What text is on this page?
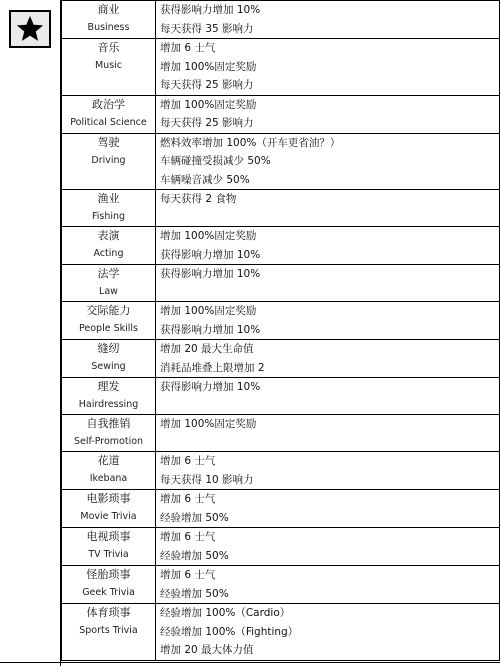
商业
Business	获得影响力增加 10%
每天获得 35 影响力

音乐
Music	增加 6 士气
增加 100%固定奖励
每天获得 25 影响力

政治学
Political Science	增加 100%固定奖励
每天获得 25 影响力

驾驶
Driving	燃料效率增加 100%（开车更省油？）
车辆碰撞受损减少 50%
车辆噪音减少 50%

渔业
Fishing	每天获得 2 食物

表演
Acting	增加 100%固定奖励
获得影响力增加 10%

法学
Law	获得影响力增加 10%

交际能力
People Skills	增加 100%固定奖励
获得影响力增加 10%

缝纫
Sewing	增加 20 最大生命值
消耗品堆叠上限增加 2

理发
Hairdressing	获得影响力增加 10%

自我推销
Self-Promotion	增加 100%固定奖励

花道
Ikebana	增加 6 士气
每天获得 10 影响力

电影琐事
Movie Trivia	增加 6 士气
经验增加 50%

电视琐事
TV Trivia	增加 6 士气
经验增加 50%

怪胎琐事
Geek Trivia	增加 6 士气
经验增加 50%

体育琐事
Sports Trivia	经验增加 100%（Cardio）
经验增加 100%（Fighting）
增加 20 最大体力值
